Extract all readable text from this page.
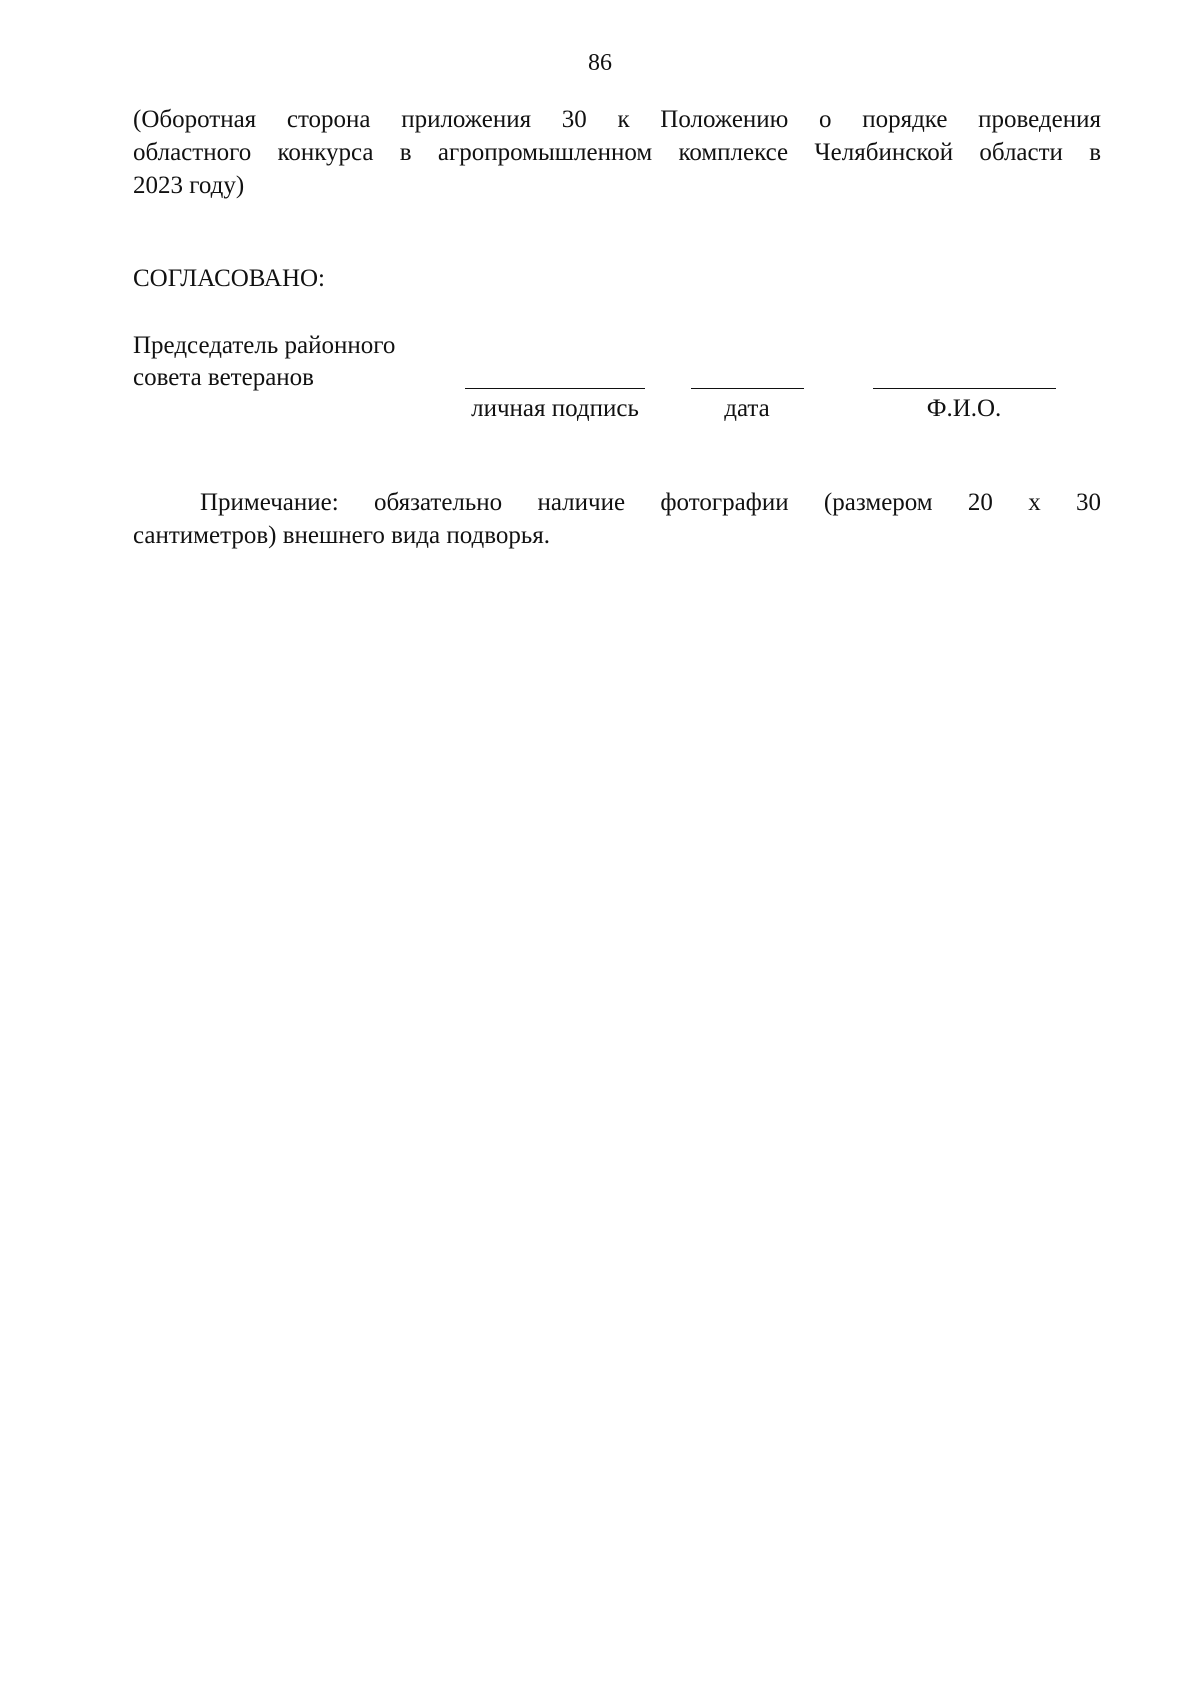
86

(Оборотная сторона приложения 30 к Положению о порядке проведения
областного конкурса в агропромышленном комплексе Челябинской области в
2023 году)

СОГЛАСОВАНО:
Председатель районного
совета ветеранов
личная подпись	дата	Ф.И.О.

Примечание: обязательно наличие фотографии (размером 20 х 30
сантиметров) внешнего вида подворья.
